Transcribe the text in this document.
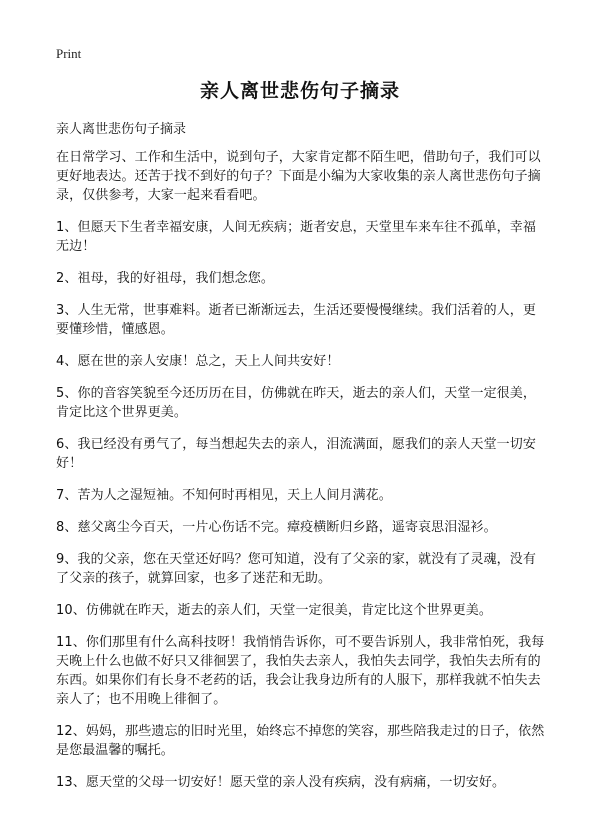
Print
亲人离世悲伤句子摘录

亲人离世悲伤句子摘录

在日常学习、工作和生活中，说到句子，大家肯定都不陌生吧，借助句子，我们可以更好地表达。还苦于找不到好的句子？下面是小编为大家收集的亲人离世悲伤句子摘录，仅供参考，大家一起来看看吧。

1、但愿天下生者幸福安康，人间无疾病；逝者安息，天堂里车来车往不孤单，幸福无边！

2、祖母，我的好祖母，我们想念您。

3、人生无常，世事难料。逝者已渐渐远去，生活还要慢慢继续。我们活着的人，更要懂珍惜，懂感恩。

4、愿在世的亲人安康！总之，天上人间共安好！

5、你的音容笑貌至今还历历在目，仿佛就在昨天，逝去的亲人们，天堂一定很美，肯定比这个世界更美。

6、我已经没有勇气了，每当想起失去的亲人，泪流满面，愿我们的亲人天堂一切安好！

7、苦为人之湿短袖。不知何时再相见，天上人间月满花。

8、慈父离尘今百天，一片心伤话不完。瘴疫横断归乡路，遥寄哀思泪湿衫。

9、我的父亲，您在天堂还好吗？您可知道，没有了父亲的家，就没有了灵魂，没有了父亲的孩子，就算回家，也多了迷茫和无助。

10、仿佛就在昨天，逝去的亲人们，天堂一定很美，肯定比这个世界更美。

11、你们那里有什么高科技呀！我悄悄告诉你，可不要告诉别人，我非常怕死，我每天晚上什么也做不好只又徘徊罢了，我怕失去亲人，我怕失去同学，我怕失去所有的东西。如果你们有长身不老药的话，我会让我身边所有的人服下，那样我就不怕失去亲人了；也不用晚上徘徊了。

12、妈妈，那些遗忘的旧时光里，始终忘不掉您的笑容，那些陪我走过的日子，依然是您最温馨的嘱托。

13、愿天堂的父母一切安好！愿天堂的亲人没有疾病，没有病痛，一切安好。
